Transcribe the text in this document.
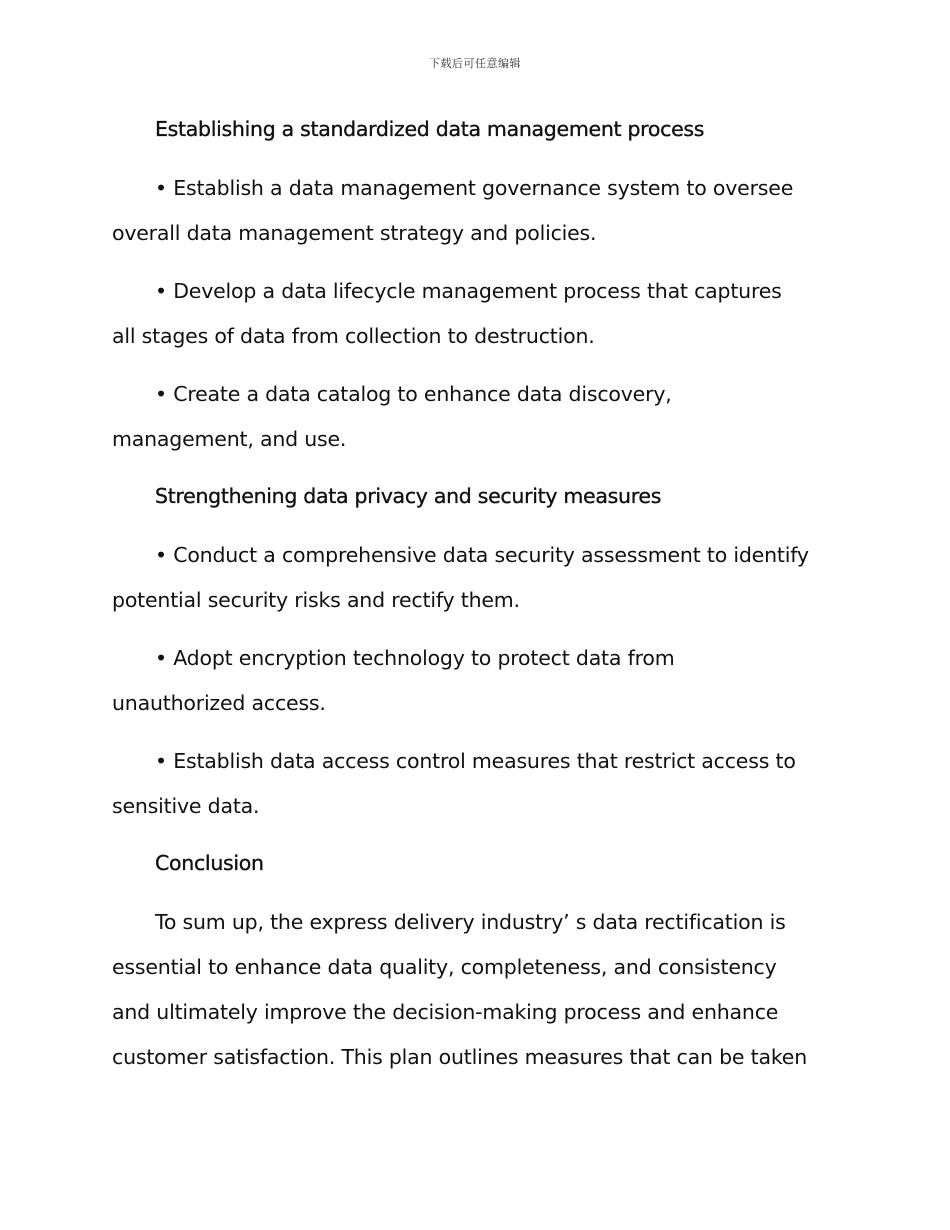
下载后可任意编辑
Establishing a standardized data management process

• Establish a data management governance system to oversee
overall data management strategy and policies.

• Develop a data lifecycle management process that captures
all stages of data from collection to destruction.

• Create a data catalog to enhance data discovery,
management, and use.

Strengthening data privacy and security measures

• Conduct a comprehensive data security assessment to identify
potential security risks and rectify them.

• Adopt encryption technology to protect data from
unauthorized access.

• Establish data access control measures that restrict access to
sensitive data.

Conclusion

To sum up, the express delivery industry’ s data rectification is
essential to enhance data quality, completeness, and consistency
and ultimately improve the decision-making process and enhance
customer satisfaction. This plan outlines measures that can be taken
